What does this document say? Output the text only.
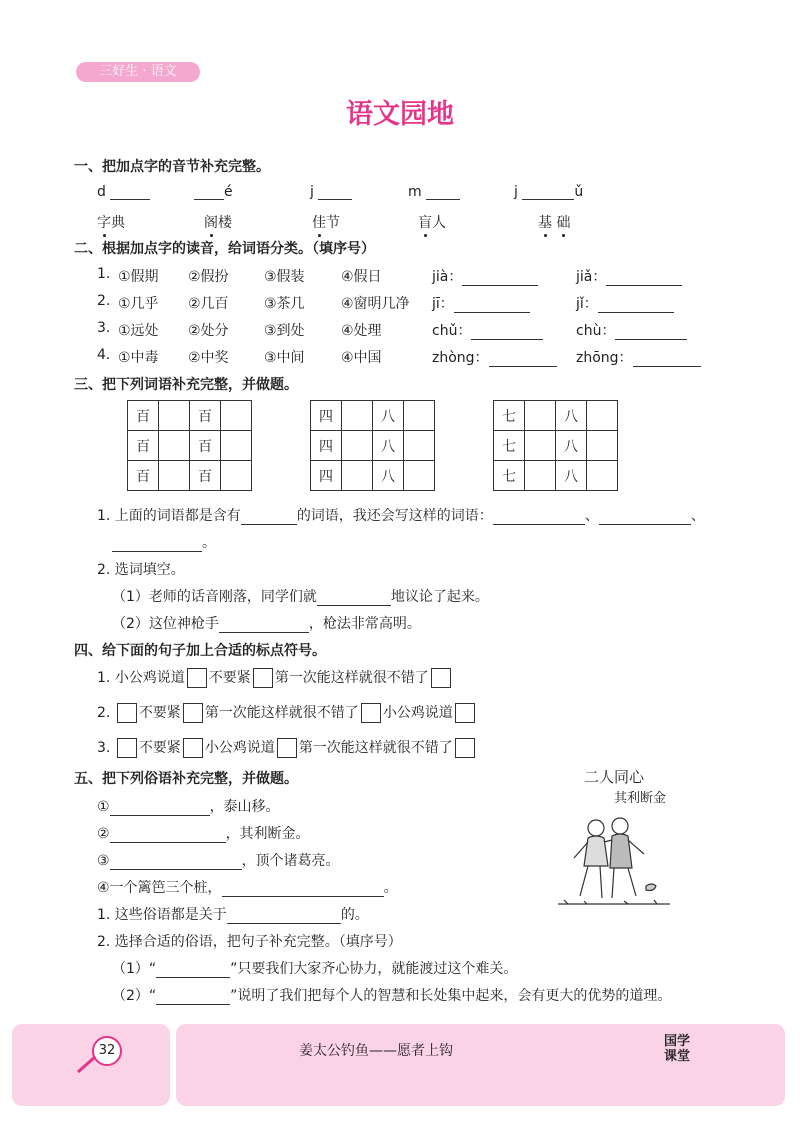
三好生 · 语文
语文园地
一、把加点字的音节补充完整。
d	é	j	m	j	ǔ
字典	阁楼	佳节	盲人	基 础
二、根据加点字的读音，给词语分类。（填序号）
1. ①假期 ②假扮	③假装	④假日	jià：	jiǎ：
2. ①几乎 ②几百	③茶几	④窗明几净 jī：	jǐ：
3. ①远处 ②处分	③到处	④处理	chǔ：	chù：
4. ①中毒 ②中奖	③中间	④中国	zhòng：	zhōng：
三、把下列词语补充完整，并做题。
百		百	
百		百	
百		百	
四		八	
四		八	
四		八	
七		八	
七		八	
七		八	
1. 上面的词语都是含有	的词语，我还会写这样的词语：	、	、
。
2. 选词填空。
（1）老师的话音刚落，同学们就	地议论了起来。
（2）这位神枪手	，枪法非常高明。
四、给下面的句子加上合适的标点符号。
1. 小公鸡说道 不要紧 第一次能这样就很不错了
2. 不要紧 第一次能这样就很不错了 小公鸡说道
3. 不要紧 小公鸡说道 第一次能这样就很不错了
五、把下列俗语补充完整，并做题。
①	，泰山移。
②	，其利断金。
③	，顶个诸葛亮。
④一个篱笆三个桩，	。
1. 这些俗语都是关于	的。
2. 选择合适的俗语，把句子补充完整。（填序号）
（1）“	”只要我们大家齐心协力，就能渡过这个难关。
（2）“	”说明了我们把每个人的智慧和长处集中起来，会有更大的优势的道理。
二人同心
其利断金
32	姜太公钓鱼——愿者上钩
国学
课堂
